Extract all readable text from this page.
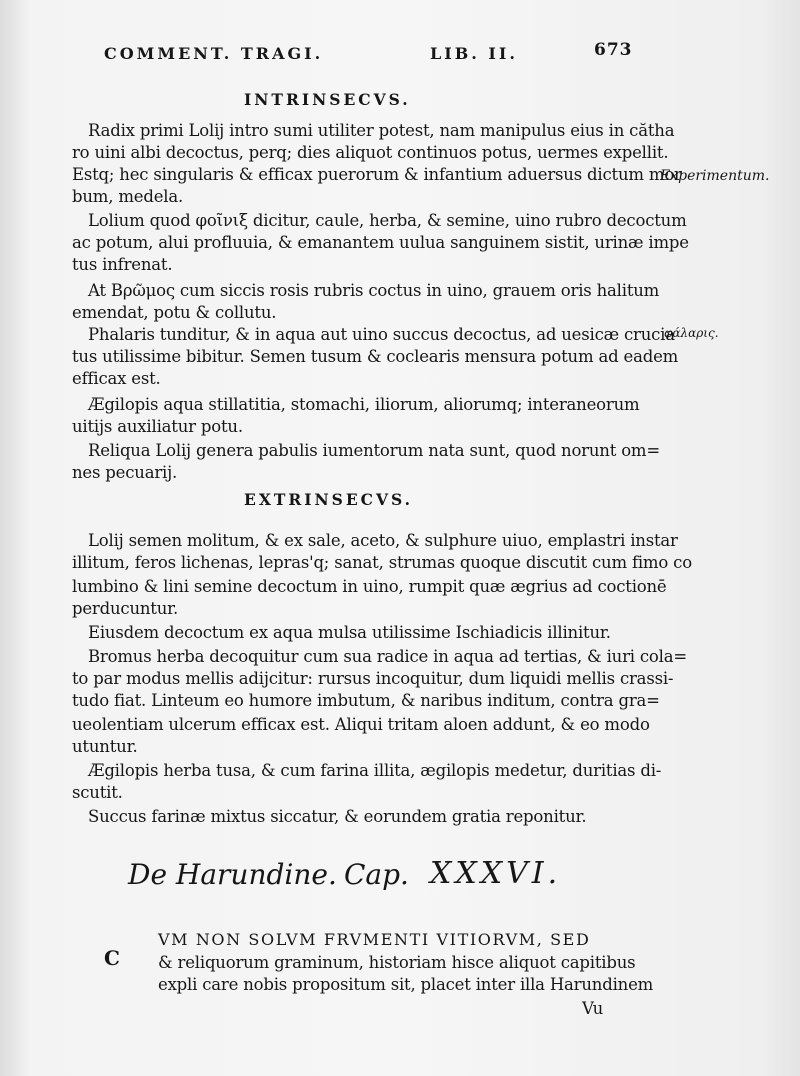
COMMENT. TRAGI.	LIB. II.	673
INTRINSECVS.
Radix primi Lolij intro sumi utiliter potest, nam manipulus eius in cătha
ro uini albi decoctus, perq; dies aliquot continuos potus, uermes expellit.
Estq; hec singularis & efficax puerorum & infantium aduersus dictum mor
bum, medela.
Lolium quod φοῖνιξ dicitur, caule, herba, & semine, uino rubro decoctum
ac potum, alui profluuia, & emanantem uulua sanguinem sistit, urinæ impe
tus infrenat.
At Βρῶμος cum siccis rosis rubris coctus in uino, grauem oris halitum
emendat, potu & collutu.
Phalaris tunditur, & in aqua aut uino succus decoctus, ad uesicæ crucia
tus utilissime bibitur. Semen tusum & coclearis mensura potum ad eadem
efficax est.
Ægilopis aqua stillatitia, stomachi, iliorum, aliorumq; interaneorum
uitijs auxiliatur potu.
Reliqua Lolij genera pabulis iumentorum nata sunt, quod norunt om=
nes pecuarij.
Experimentum.
φάλαρις.
EXTRINSECVS.
Lolij semen molitum, & ex sale, aceto, & sulphure uiuo, emplastri instar
illitum, feros lichenas, lepras'q; sanat, strumas quoque discutit cum fimo co
lumbino & lini semine decoctum in uino, rumpit quæ ægrius ad coctionē
perducuntur.
Eiusdem decoctum ex aqua mulsa utilissime Ischiadicis illinitur.
Bromus herba decoquitur cum sua radice in aqua ad tertias, & iuri cola=
to par modus mellis adijcitur: rursus incoquitur, dum liquidi mellis crassi-
tudo fiat. Linteum eo humore imbutum, & naribus inditum, contra gra=
ueolentiam ulcerum efficax est. Aliqui tritam aloen addunt, & eo modo
utuntur.
Ægilopis herba tusa, & cum farina illita, ægilopis medetur, duritias di-
scutit.
Succus farinæ mixtus siccatur, & eorundem gratia reponitur.
De Harundine. Cap. XXXVI.
C
VM NON SOLVM FRVMENTI VITIORVM, SED
& reliquorum graminum, historiam hisce aliquot capitibus
expli care nobis propositum sit, placet inter illa Harundinem
Vu
